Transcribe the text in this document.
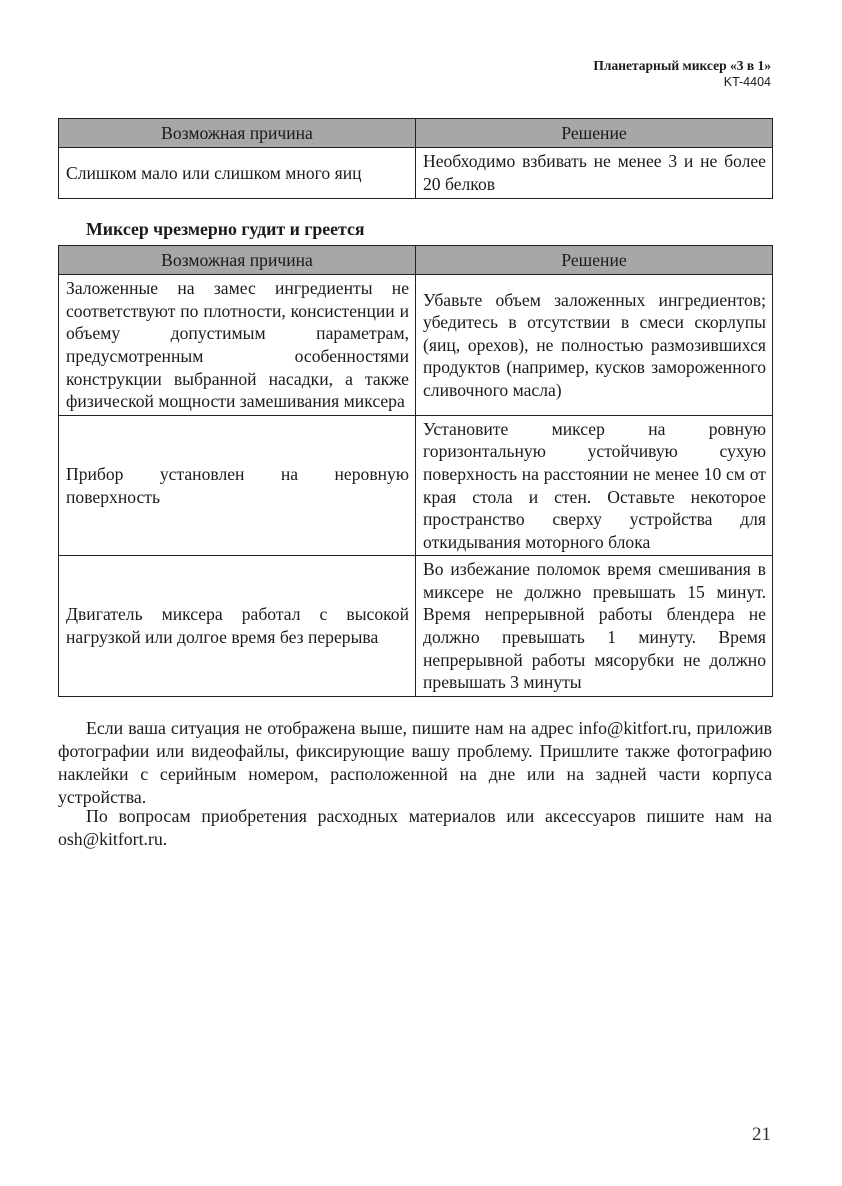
Планетарный миксер «3 в 1»
KT-4404
Возможная причина	Решение
Слишком мало или слишком много яиц	Необходимо взбивать не менее 3 и не более 20 белков
Миксер чрезмерно гудит и греется
Возможная причина	Решение
Заложенные на замес ингредиенты не соответствуют по плотности, консистенции и объему допустимым параметрам, предусмотренным особенностями конструкции выбранной насадки, а также физической мощности замешивания миксера	Убавьте объем заложенных ингредиентов; убедитесь в отсутствии в смеси скорлупы (яиц, орехов), не полностью размозившихся продуктов (например, кусков замороженного сливочного масла)
Прибор установлен на неровную поверхность	Установите миксер на ровную горизонтальную устойчивую сухую поверхность на расстоянии не менее 10 см от края стола и стен. Оставьте некоторое пространство сверху устройства для откидывания моторного блока
Двигатель миксера работал с высокой нагрузкой или долгое время без перерыва	Во избежание поломок время смешивания в миксере не должно превышать 15 минут. Время непрерывной работы блендера не должно превышать 1 минуту. Время непрерывной работы мясорубки не должно превышать 3 минуты

Если ваша ситуация не отображена выше, пишите нам на адрес info@kitfort.ru, приложив фотографии или видеофайлы, фиксирующие вашу проблему. Пришлите также фотографию наклейки с серийным номером, расположенной на дне или на задней части корпуса устройства.

По вопросам приобретения расходных материалов или аксессуаров пишите нам на osh@kitfort.ru.

21
